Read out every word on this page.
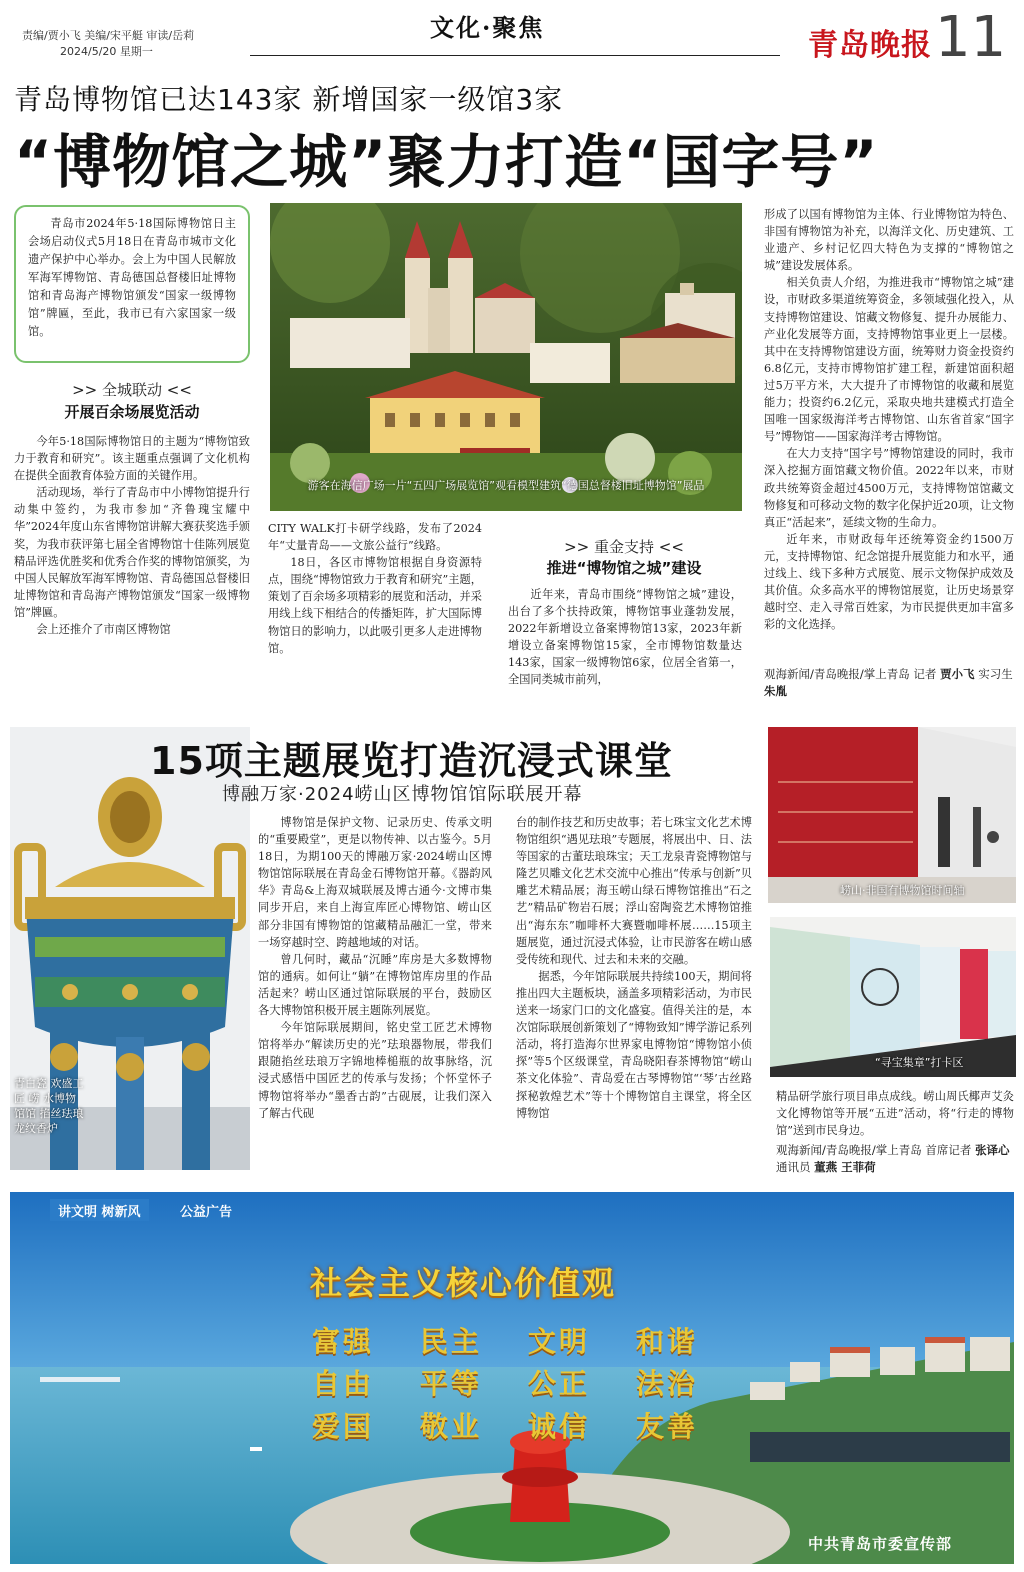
责编/贾小飞 美编/宋平艇 审读/岳莉
2024/5/20 星期一
文化·聚焦
青岛晚报 11
青岛博物馆已达143家 新增国家一级馆3家
“博物馆之城”聚力打造“国字号”
青岛市2024年5·18国际博物馆日主会场启动仪式5月18日在青岛市城市文化遗产保护中心举办。会上为中国人民解放军海军博物馆、青岛德国总督楼旧址博物馆和青岛海产博物馆颁发“国家一级博物馆”牌匾，至此，我市已有六家国家一级馆。
>> 全城联动 <<
开展百余场展览活动

今年5·18国际博物馆日的主题为“博物馆致力于教育和研究”。该主题重点强调了文化机构在提供全面教育体验方面的关键作用。

活动现场，举行了青岛市中小博物馆提升行动集中签约，为我市参加“齐鲁瑰宝耀中华”2024年度山东省博物馆讲解大赛获奖选手颁奖，为我市获评第七届全省博物馆十佳陈列展览精品评选优胜奖和优秀合作奖的博物馆颁奖，为中国人民解放军海军博物馆、青岛德国总督楼旧址博物馆和青岛海产博物馆颁发“国家一级博物馆”牌匾。

会上还推介了市南区博物馆

游客在海信广场一片“五四广场展览馆”观看模型建筑“德国总督楼旧址博物馆”展品

CITY WALK打卡研学线路，发布了2024年“丈量青岛——文旅公益行”线路。

18日，各区市博物馆根据自身资源特点，围绕“博物馆致力于教育和研究”主题，策划了百余场多项精彩的展览和活动，并采用线上线下相结合的传播矩阵，扩大国际博物馆日的影响力，以此吸引更多人走进博物馆。

>> 重金支持 <<
推进“博物馆之城”建设

近年来，青岛市围绕“博物馆之城”建设，出台了多个扶持政策，博物馆事业蓬勃发展，2022年新增设立备案博物馆13家，2023年新增设立备案博物馆15家，全市博物馆数量达143家，国家一级博物馆6家，位居全省第一，全国同类城市前列，

形成了以国有博物馆为主体、行业博物馆为特色、非国有博物馆为补充，以海洋文化、历史建筑、工业遗产、乡村记忆四大特色为支撑的“博物馆之城”建设发展体系。

相关负责人介绍，为推进我市“博物馆之城”建设，市财政多渠道统筹资金，多领域强化投入，从支持博物馆建设、馆藏文物修复、提升办展能力、产业化发展等方面，支持博物馆事业更上一层楼。其中在支持博物馆建设方面，统筹财力资金投资约6.8亿元，支持市博物馆扩建工程，新建馆面积超过5万平方米，大大提升了市博物馆的收藏和展览能力；投资约6.2亿元，采取央地共建模式打造全国唯一国家级海洋考古博物馆、山东省首家“国字号”博物馆——国家海洋考古博物馆。

在大力支持“国字号”博物馆建设的同时，我市深入挖掘方面馆藏文物价值。2022年以来，市财政共统筹资金超过4500万元，支持博物馆馆藏文物修复和可移动文物的数字化保护近20项，让文物真正“活起来”，延续文物的生命力。

近年来，市财政每年还统筹资金约1500万元，支持博物馆、纪念馆提升展览能力和水平，通过线上、线下多种方式展览、展示文物保护成效及其价值。众多高水平的博物馆展览，让历史场景穿越时空、走入寻常百姓家，为市民提供更加丰富多彩的文化选择。

观海新闻/青岛晚报/掌上青岛 记者 贾小飞 实习生 朱胤
青白瓷 欢盛工匠 崂 水博物馆馆 掐丝珐琅 龙纹香炉
15项主题展览打造沉浸式课堂
博融万家·2024崂山区博物馆馆际联展开幕

博物馆是保护文物、记录历史、传承文明的“重要殿堂”，更是以物传神、以古鉴今。5月18日，为期100天的博融万家·2024崂山区博物馆馆际联展在青岛金石博物馆开幕。《器韵风华》青岛&上海双城联展及博古通今·文博市集同步开启，来自上海宣库匠心博物馆、崂山区部分非国有博物馆的馆藏精品融汇一堂，带来一场穿越时空、跨越地域的对话。

曾几何时，藏品“沉睡”库房是大多数博物馆的通病。如何让“躺”在博物馆库房里的作品活起来？崂山区通过馆际联展的平台，鼓励区各大博物馆积极开展主题陈列展览。

今年馆际联展期间，铭史堂工匠艺术博物馆将举办“解读历史的光”珐琅器物展，带我们跟随掐丝珐琅万字锦地棒槌瓶的故事脉络，沉浸式感悟中国匠艺的传承与发扬；个怀堂怀子博物馆将举办“墨香古韵”古砚展，让我们深入了解古代砚

台的制作技艺和历史故事；若七珠宝文化艺术博物馆组织“遇见珐琅”专题展，将展出中、日、法等国家的古董珐琅珠宝；天工龙泉青瓷博物馆与隆艺贝雕文化艺术交流中心推出“传承与创新”贝雕艺术精品展；海玉崂山绿石博物馆推出“石之艺”精品矿物岩石展；浮山窑陶瓷艺术博物馆推出“海东东”咖啡杯大赛暨咖啡杯展……15项主题展览，通过沉浸式体验，让市民游客在崂山感受传统和现代、过去和未来的交融。

据悉，今年馆际联展共持续100天，期间将推出四大主题板块，涵盖多项精彩活动，为市民送来一场家门口的文化盛宴。值得关注的是，本次馆际联展创新策划了“博物致知”博学游记系列活动，将打造海尔世界家电博物馆“博物馆小侦探”等5个区级课堂，青岛晓阳春茶博物馆“崂山茶文化体验”、青岛爱在古琴博物馆“‘琴’古丝路 探秘敦煌艺术”等十个博物馆自主课堂，将全区博物馆

崂山·非国有博物馆时间轴
“寻宝集章”打卡区

精品研学旅行项目串点成线。崂山周氏椰声艾灸文化博物馆等开展“五进”活动，将“行走的博物馆”送到市民身边。

观海新闻/青岛晚报/掌上青岛 首席记者 张译心 通讯员 董燕 王菲荷
讲文明 树新风	公益广告
社会主义核心价值观
富强 民主 文明 和谐
自由 平等 公正 法治
爱国 敬业 诚信 友善
中共青岛市委宣传部
